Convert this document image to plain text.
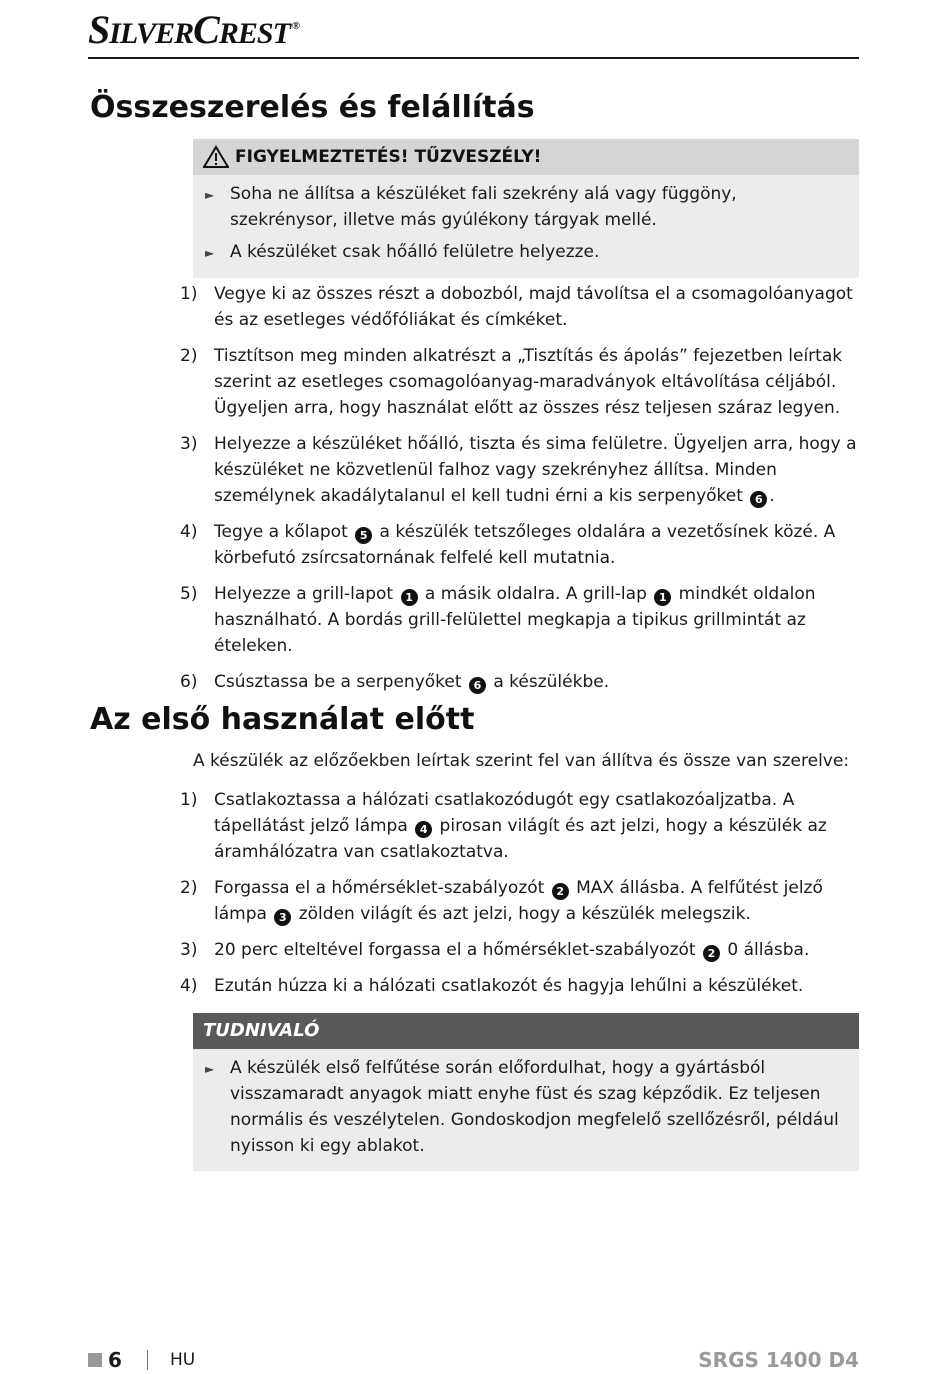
SILVERCREST ®
Összeszerelés és felállítás
FIGYELMEZTETÉS! TŰZVESZÉLY!
► Soha ne állítsa a készüléket fali szekrény alá vagy függöny, szekrénysor, illetve más gyúlékony tárgyak mellé.
► A készüléket csak hőálló felületre helyezze.
1) Vegye ki az összes részt a dobozból, majd távolítsa el a csomagolóanyagot és az esetleges védőfóliákat és címkéket.
2) Tisztítson meg minden alkatrészt a „Tisztítás és ápolás” fejezetben leírtak szerint az esetleges csomagolóanyag-maradványok eltávolítása céljából. Ügyeljen arra, hogy használat előtt az összes rész teljesen száraz legyen.
3) Helyezze a készüléket hőálló, tiszta és sima felületre. Ügyeljen arra, hogy a készüléket ne közvetlenül falhoz vagy szekrényhez állítsa. Minden személynek akadálytalanul el kell tudni érni a kis serpenyőket 6 .
4) Tegye a kőlapot 5 a készülék tetszőleges oldalára a vezetősínek közé. A körbefutó zsírcsatornának felfelé kell mutatnia.
5) Helyezze a grill-lapot 1 a másik oldalra. A grill-lap 1 mindkét oldalon használható. A bordás grill-felülettel megkapja a tipikus grillmintát az ételeken.
6) Csúsztassa be a serpenyőket 6 a készülékbe.
Az első használat előtt
A készülék az előzőekben leírtak szerint fel van állítva és össze van szerelve:
1) Csatlakoztassa a hálózati csatlakozódugót egy csatlakozóaljzatba. A tápellátást jelző lámpa 4 pirosan világít és azt jelzi, hogy a készülék az áramhálózatra van csatlakoztatva.
2) Forgassa el a hőmérséklet-szabályozót 2 MAX állásba. A felfűtést jelző lámpa 3 zölden világít és azt jelzi, hogy a készülék melegszik.
3) 20 perc elteltével forgassa el a hőmérséklet-szabályozót 2 0 állásba.
4) Ezután húzza ki a hálózati csatlakozót és hagyja lehűlni a készüléket.
TUDNIVALÓ
► A készülék első felfűtése során előfordulhat, hogy a gyártásból visszamaradt anyagok miatt enyhe füst és szag képződik. Ez teljesen normális és veszélytelen. Gondoskodjon megfelelő szellőzésről, például nyisson ki egy ablakot.
6	HU	SRGS 1400 D4
